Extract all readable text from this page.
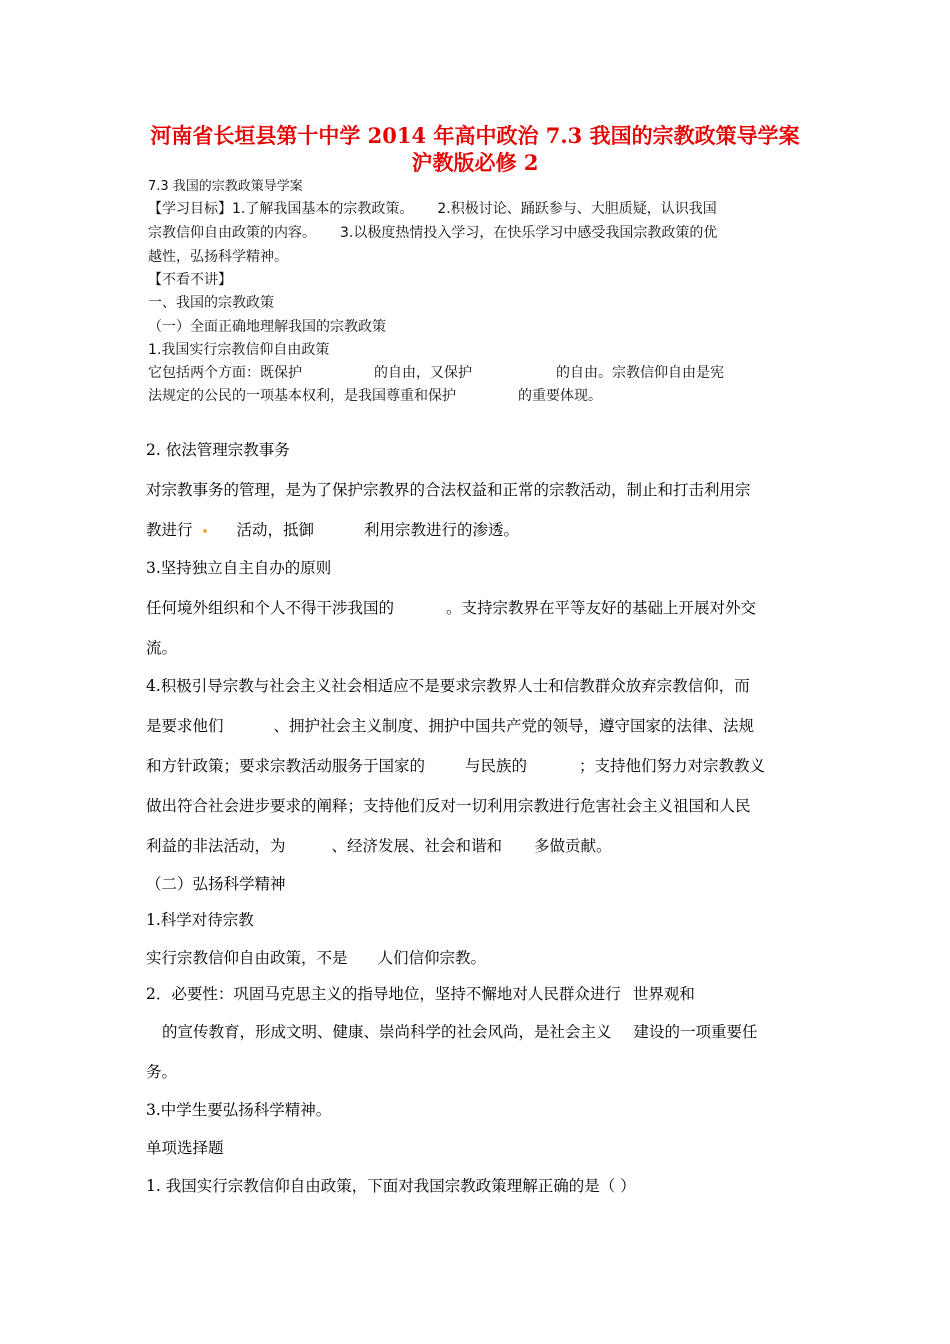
河南省长垣县第十中学 2014 年高中政治 7.3 我国的宗教政策导学案
沪教版必修 2
7.3 我国的宗教政策导学案
【学习目标】1.了解我国基本的宗教政策。 2.积极讨论、踊跃参与、大胆质疑，认识我国
宗教信仰自由政策的内容。 3.以极度热情投入学习，在快乐学习中感受我国宗教政策的优
越性，弘扬科学精神。
【不看不讲】
一、我国的宗教政策
（一）全面正确地理解我国的宗教政策
1.我国实行宗教信仰自由政策
它包括两个方面：既保护	的自由，又保护	的自由。宗教信仰自由是宪
法规定的公民的一项基本权利，是我国尊重和保护	的重要体现。
2. 依法管理宗教事务
对宗教事务的管理，是为了保护宗教界的合法权益和正常的宗教活动，制止和打击利用宗
教进行	活动，抵御	利用宗教进行的渗透。
3.坚持独立自主自办的原则
任何境外组织和个人不得干涉我国的	。支持宗教界在平等友好的基础上开展对外交
流。
4.积极引导宗教与社会主义社会相适应不是要求宗教界人士和信教群众放弃宗教信仰，而
是要求他们	、拥护社会主义制度、拥护中国共产党的领导，遵守国家的法律、法规
和方针政策；要求宗教活动服务于国家的	与民族的	；支持他们努力对宗教教义
做出符合社会进步要求的阐释；支持他们反对一切利用宗教进行危害社会主义祖国和人民
利益的非法活动，为	、经济发展、社会和谐和 多做贡献。
（二）弘扬科学精神
1.科学对待宗教
实行宗教信仰自由政策，不是 人们信仰宗教。
2．必要性：巩固马克思主义的指导地位，坚持不懈地对人民群众进行 世界观和
的宣传教育，形成文明、健康、崇尚科学的社会风尚，是社会主义 建设的一项重要任
务。
3.中学生要弘扬科学精神。
单项选择题
1. 我国实行宗教信仰自由政策，下面对我国宗教政策理解正确的是（ ）
